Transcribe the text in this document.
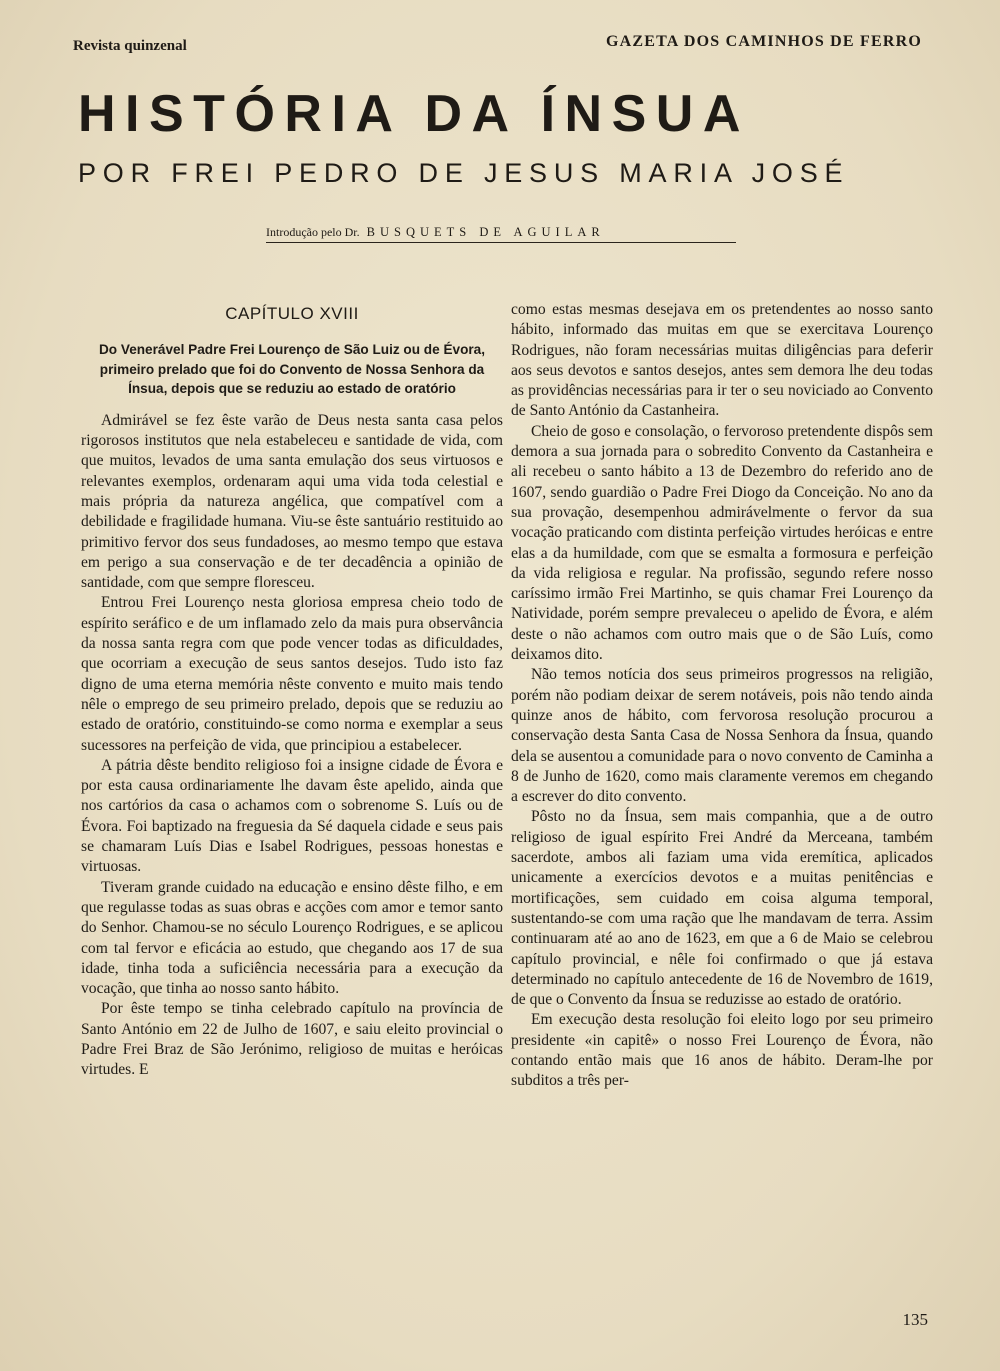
Revista quinzenal	GAZETA DOS CAMINHOS DE FERRO
HISTÓRIA DA ÍNSUA
POR FREI PEDRO DE JESUS MARIA JOSÉ
Introdução pelo Dr. BUSQUETS DE AGUILAR
CAPÍTULO XVIII
Do Venerável Padre Frei Lourenço de São Luiz ou de Évora, primeiro prelado que foi do Convento de Nossa Senhora da Ínsua, depois que se reduziu ao estado de oratório

Admirável se fez êste varão de Deus nesta santa casa pelos rigorosos institutos que nela estabeleceu e santidade de vida, com que muitos, levados de uma santa emulação dos seus virtuosos e relevantes exemplos, ordenaram aqui uma vida toda celestial e mais própria da natureza angélica, que compatível com a debilidade e fragilidade humana. Viu-se êste santuário restituido ao primitivo fervor dos seus fundadoses, ao mesmo tempo que estava em perigo a sua conservação e de ter decadência a opinião de santidade, com que sempre floresceu.

Entrou Frei Lourenço nesta gloriosa empresa cheio todo de espírito seráfico e de um inflamado zelo da mais pura observância da nossa santa regra com que pode vencer todas as dificuldades, que ocorriam a execução de seus santos desejos. Tudo isto faz digno de uma eterna memória nêste convento e muito mais tendo nêle o emprego de seu primeiro prelado, depois que se reduziu ao estado de oratório, constituindo-se como norma e exemplar a seus sucessores na perfeição de vida, que principiou a estabelecer.

A pátria dêste bendito religioso foi a insigne cidade de Évora e por esta causa ordinariamente lhe davam êste apelido, ainda que nos cartórios da casa o achamos com o sobrenome S. Luís ou de Évora. Foi baptizado na freguesia da Sé daquela cidade e seus pais se chamaram Luís Dias e Isabel Rodrigues, pessoas honestas e virtuosas.

Tiveram grande cuidado na educação e ensino dêste filho, e em que regulasse todas as suas obras e acções com amor e temor santo do Senhor. Chamou-se no século Lourenço Rodrigues, e se aplicou com tal fervor e eficácia ao estudo, que chegando aos 17 de sua idade, tinha toda a suficiência necessária para a execução da vocação, que tinha ao nosso santo hábito.

Por êste tempo se tinha celebrado capítulo na província de Santo António em 22 de Julho de 1607, e saiu eleito provincial o Padre Frei Braz de São Jerónimo, religioso de muitas e heróicas virtudes. E

como estas mesmas desejava em os pretendentes ao nosso santo hábito, informado das muitas em que se exercitava Lourenço Rodrigues, não foram necessárias muitas diligências para deferir aos seus devotos e santos desejos, antes sem demora lhe deu todas as providências necessárias para ir ter o seu noviciado ao Convento de Santo António da Castanheira.

Cheio de goso e consolação, o fervoroso pretendente dispôs sem demora a sua jornada para o sobredito Convento da Castanheira e ali recebeu o santo hábito a 13 de Dezembro do referido ano de 1607, sendo guardião o Padre Frei Diogo da Conceição. No ano da sua provação, desempenhou admirávelmente o fervor da sua vocação praticando com distinta perfeição virtudes heróicas e entre elas a da humildade, com que se esmalta a formosura e perfeição da vida religiosa e regular. Na profissão, segundo refere nosso caríssimo irmão Frei Martinho, se quis chamar Frei Lourenço da Natividade, porém sempre prevaleceu o apelido de Évora, e além deste o não achamos com outro mais que o de São Luís, como deixamos dito.

Não temos notícia dos seus primeiros progressos na religião, porém não podiam deixar de serem notáveis, pois não tendo ainda quinze anos de hábito, com fervorosa resolução procurou a conservação desta Santa Casa de Nossa Senhora da Ínsua, quando dela se ausentou a comunidade para o novo convento de Caminha a 8 de Junho de 1620, como mais claramente veremos em chegando a escrever do dito convento.

Pôsto no da Ínsua, sem mais companhia, que a de outro religioso de igual espírito Frei André da Merceana, também sacerdote, ambos ali faziam uma vida eremítica, aplicados unicamente a exercícios devotos e a muitas penitências e mortificações, sem cuidado em coisa alguma temporal, sustentando-se com uma ração que lhe mandavam de terra. Assim continuaram até ao ano de 1623, em que a 6 de Maio se celebrou capítulo provincial, e nêle foi confirmado o que já estava determinado no capítulo antecedente de 16 de Novembro de 1619, de que o Convento da Ínsua se reduzisse ao estado de oratório.

Em execução desta resolução foi eleito logo por seu primeiro presidente «in capitê» o nosso Frei Lourenço de Évora, não contando então mais que 16 anos de hábito. Deram-lhe por subditos a três per-

135
